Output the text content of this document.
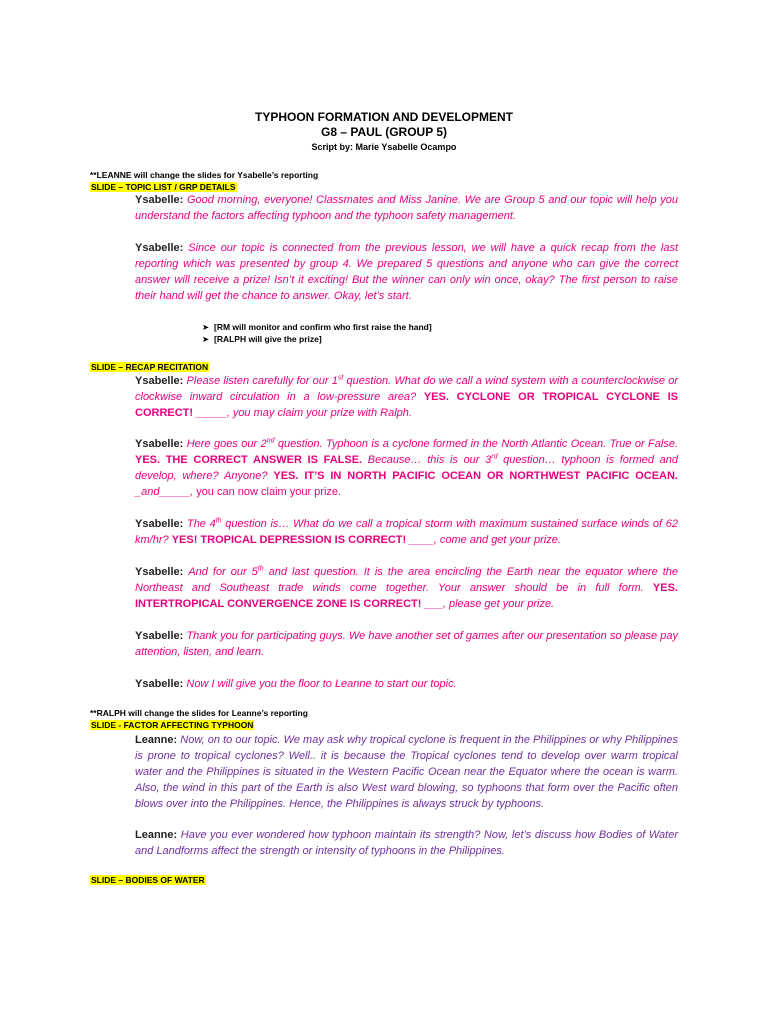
TYPHOON FORMATION AND DEVELOPMENT
G8 – PAUL (GROUP 5)
Script by: Marie Ysabelle Ocampo
**LEANNE will change the slides for Ysabelle’s reporting
SLIDE – TOPIC LIST / GRP DETAILS
Ysabelle: Good morning, everyone! Classmates and Miss Janine. We are Group 5 and our topic will help you understand the factors affecting typhoon and the typhoon safety management.
Ysabelle: Since our topic is connected from the previous lesson, we will have a quick recap from the last reporting which was presented by group 4. We prepared 5 questions and anyone who can give the correct answer will receive a prize! Isn’t it exciting! But the winner can only win once, okay? The first person to raise their hand will get the chance to answer. Okay, let’s start.
➤ [RM will monitor and confirm who first raise the hand]
➤ [RALPH will give the prize]
SLIDE – RECAP RECITATION
Ysabelle: Please listen carefully for our 1st question. What do we call a wind system with a counterclockwise or clockwise inward circulation in a low-pressure area? YES. CYCLONE OR TROPICAL CYCLONE IS CORRECT! _____, you may claim your prize with Ralph.
Ysabelle: Here goes our 2nd question. Typhoon is a cyclone formed in the North Atlantic Ocean. True or False. YES. THE CORRECT ANSWER IS FALSE. Because… this is our 3rd question… typhoon is formed and develop, where? Anyone? YES. IT’S IN NORTH PACIFIC OCEAN OR NORTHWEST PACIFIC OCEAN. _and_____, you can now claim your prize.
Ysabelle: The 4th question is… What do we call a tropical storm with maximum sustained surface winds of 62 km/hr? YES! TROPICAL DEPRESSION IS CORRECT! ____, come and get your prize.
Ysabelle: And for our 5th and last question. It is the area encircling the Earth near the equator where the Northeast and Southeast trade winds come together. Your answer should be in full form. YES. INTERTROPICAL CONVERGENCE ZONE IS CORRECT! ___, please get your prize.
Ysabelle: Thank you for participating guys. We have another set of games after our presentation so please pay attention, listen, and learn.
Ysabelle: Now I will give you the floor to Leanne to start our topic.
**RALPH will change the slides for Leanne’s reporting
SLIDE - FACTOR AFFECTING TYPHOON
Leanne: Now, on to our topic. We may ask why tropical cyclone is frequent in the Philippines or why Philippines is prone to tropical cyclones? Well.. it is because the Tropical cyclones tend to develop over warm tropical water and the Philippines is situated in the Western Pacific Ocean near the Equator where the ocean is warm. Also, the wind in this part of the Earth is also West ward blowing, so typhoons that form over the Pacific often blows over into the Philippines. Hence, the Philippines is always struck by typhoons.
Leanne: Have you ever wondered how typhoon maintain its strength? Now, let’s discuss how Bodies of Water and Landforms affect the strength or intensity of typhoons in the Philippines.
SLIDE – BODIES OF WATER
